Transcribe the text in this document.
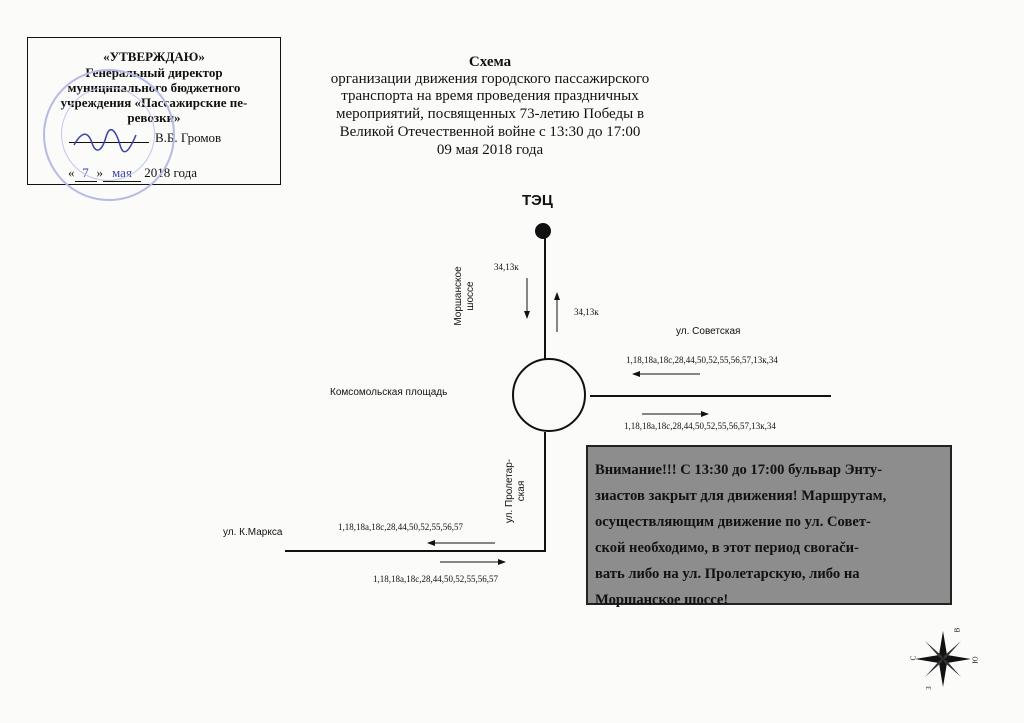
«УТВЕРЖДАЮ»
Генеральный директор
муниципального бюджетного
учреждения «Пассажирские пе-
ревозки»
В.Б. Громов
« 7 » мая 2018 года
Схема
организации движения городского пассажирского
транспорта на время проведения праздничных
мероприятий, посвященных 73-летию Победы в
Великой Отечественной войне с 13:30 до 17:00
09 мая 2018 года
ТЭЦ
34,13к
34,13к
Моршанское шоссе
ул. Советская
1,18,18а,18с,28,44,50,52,55,56,57,13к,34
1,18,18а,18с,28,44,50,52,55,56,57,13к,34
Комсомольская площадь
ул. Пролетар- ская
ул. К.Маркса	1,18,18а,18с,28,44,50,52,55,56,57
1,18,18а,18с,28,44,50,52,55,56,57
Внимание!!! С 13:30 до 17:00 бульвар Энту-
зиастов закрыт для движения! Маршрутам,
осуществляющим движение по ул. Совет-
ской необходимо, в этот период своračи-
вать либо на ул. Пролетарскую, либо на
Моршанское шоссе!
С	Ю
В
З
